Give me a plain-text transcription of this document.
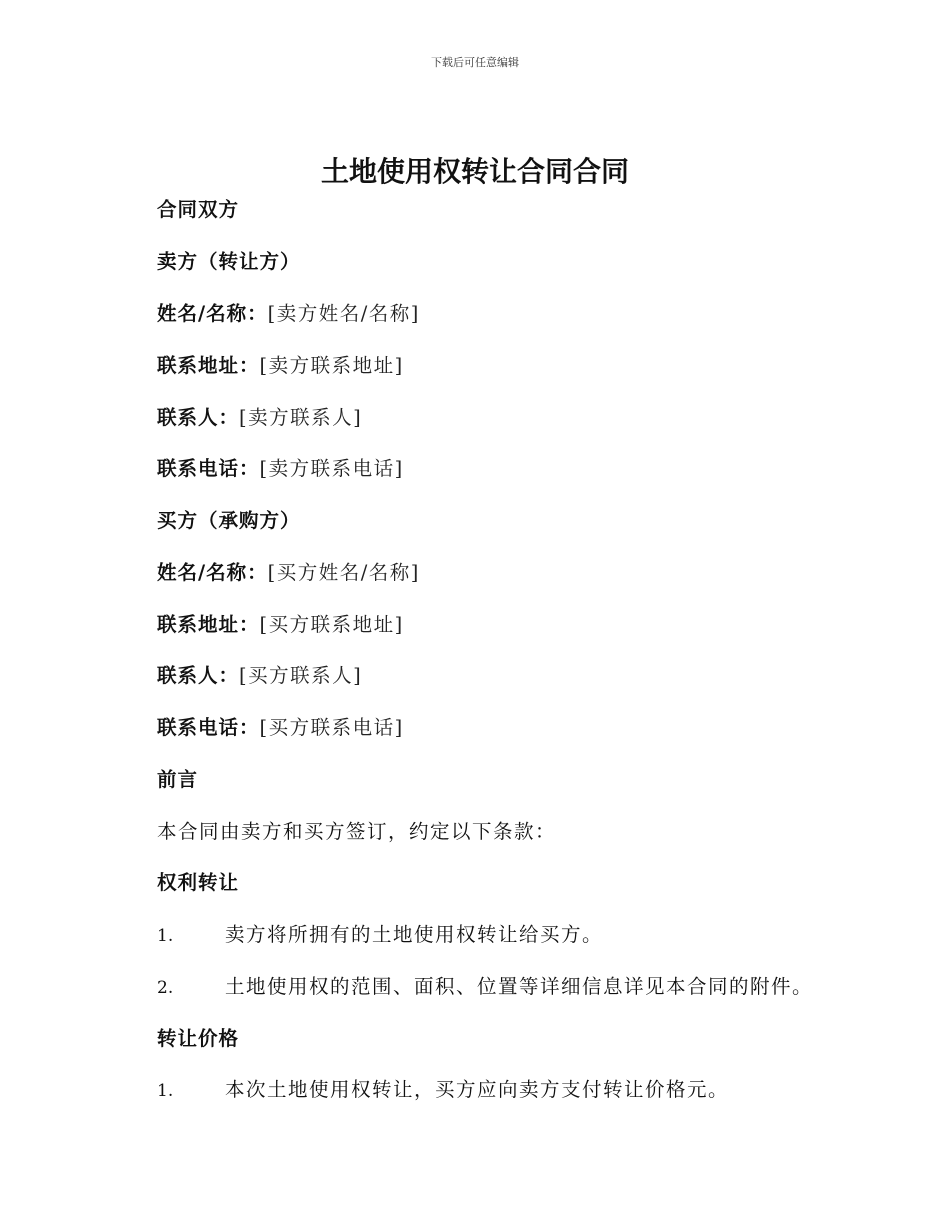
下载后可任意编辑
土地使用权转让合同合同
合同双方
卖方（转让方）
姓名/名称：[卖方姓名/名称]
联系地址：[卖方联系地址]
联系人：[卖方联系人]
联系电话：[卖方联系电话]
买方（承购方）
姓名/名称：[买方姓名/名称]
联系地址：[买方联系地址]
联系人：[买方联系人]
联系电话：[买方联系电话]
前言
本合同由卖方和买方签订，约定以下条款：
权利转让
1.	卖方将所拥有的土地使用权转让给买方。
2.	土地使用权的范围、面积、位置等详细信息详见本合同的附件。
转让价格
1.	本次土地使用权转让，买方应向卖方支付转让价格元。
